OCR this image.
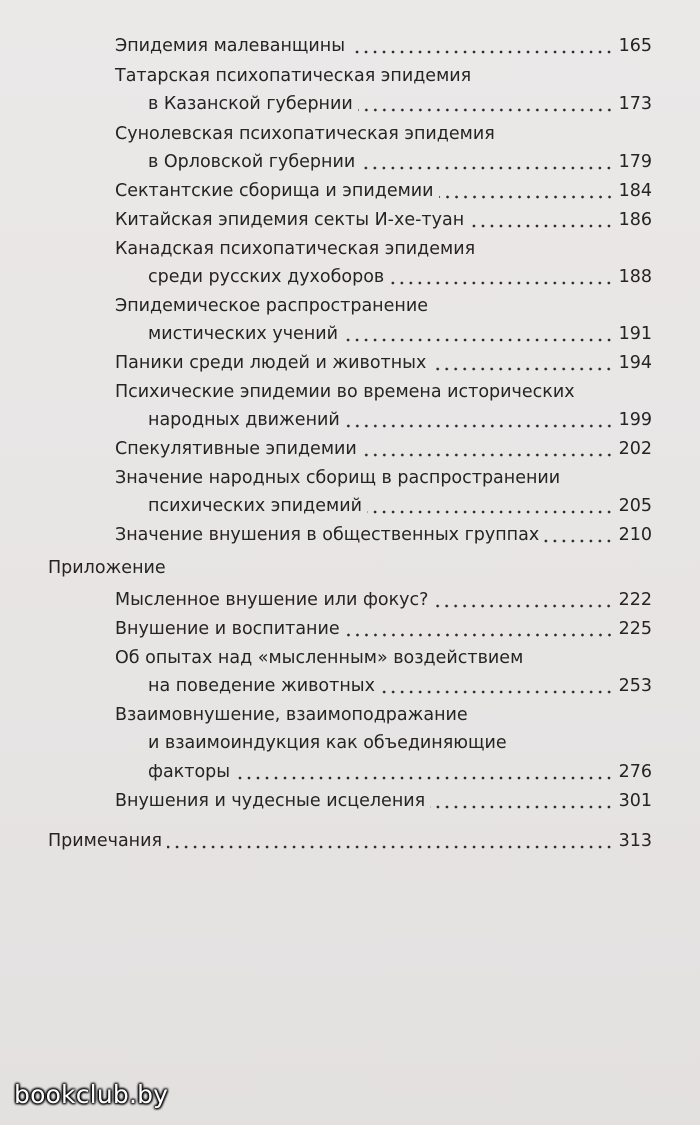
Эпидемия малеванщины	165
Татарская психопатическая эпидемия
в Казанской губернии	173
Сунолевская психопатическая эпидемия
в Орловской губернии	179
Сектантские сборища и эпидемии	184
Китайская эпидемия секты И-хе-туан	186
Канадская психопатическая эпидемия
среди русских духоборов	188
Эпидемическое распространение
мистических учений	191
Паники среди людей и животных	194
Психические эпидемии во времена исторических
народных движений	199
Спекулятивные эпидемии	202
Значение народных сборищ в распространении
психических эпидемий	205
Значение внушения в общественных группах	210
Приложение
Мысленное внушение или фокус?	222
Внушение и воспитание	225
Об опытах над «мысленным» воздействием
на поведение животных	253
Взаимовнушение, взаимоподражание
и взаимоиндукция как объединяющие
факторы	276
Внушения и чудесные исцеления	301
Примечания	313
bookclub.by
